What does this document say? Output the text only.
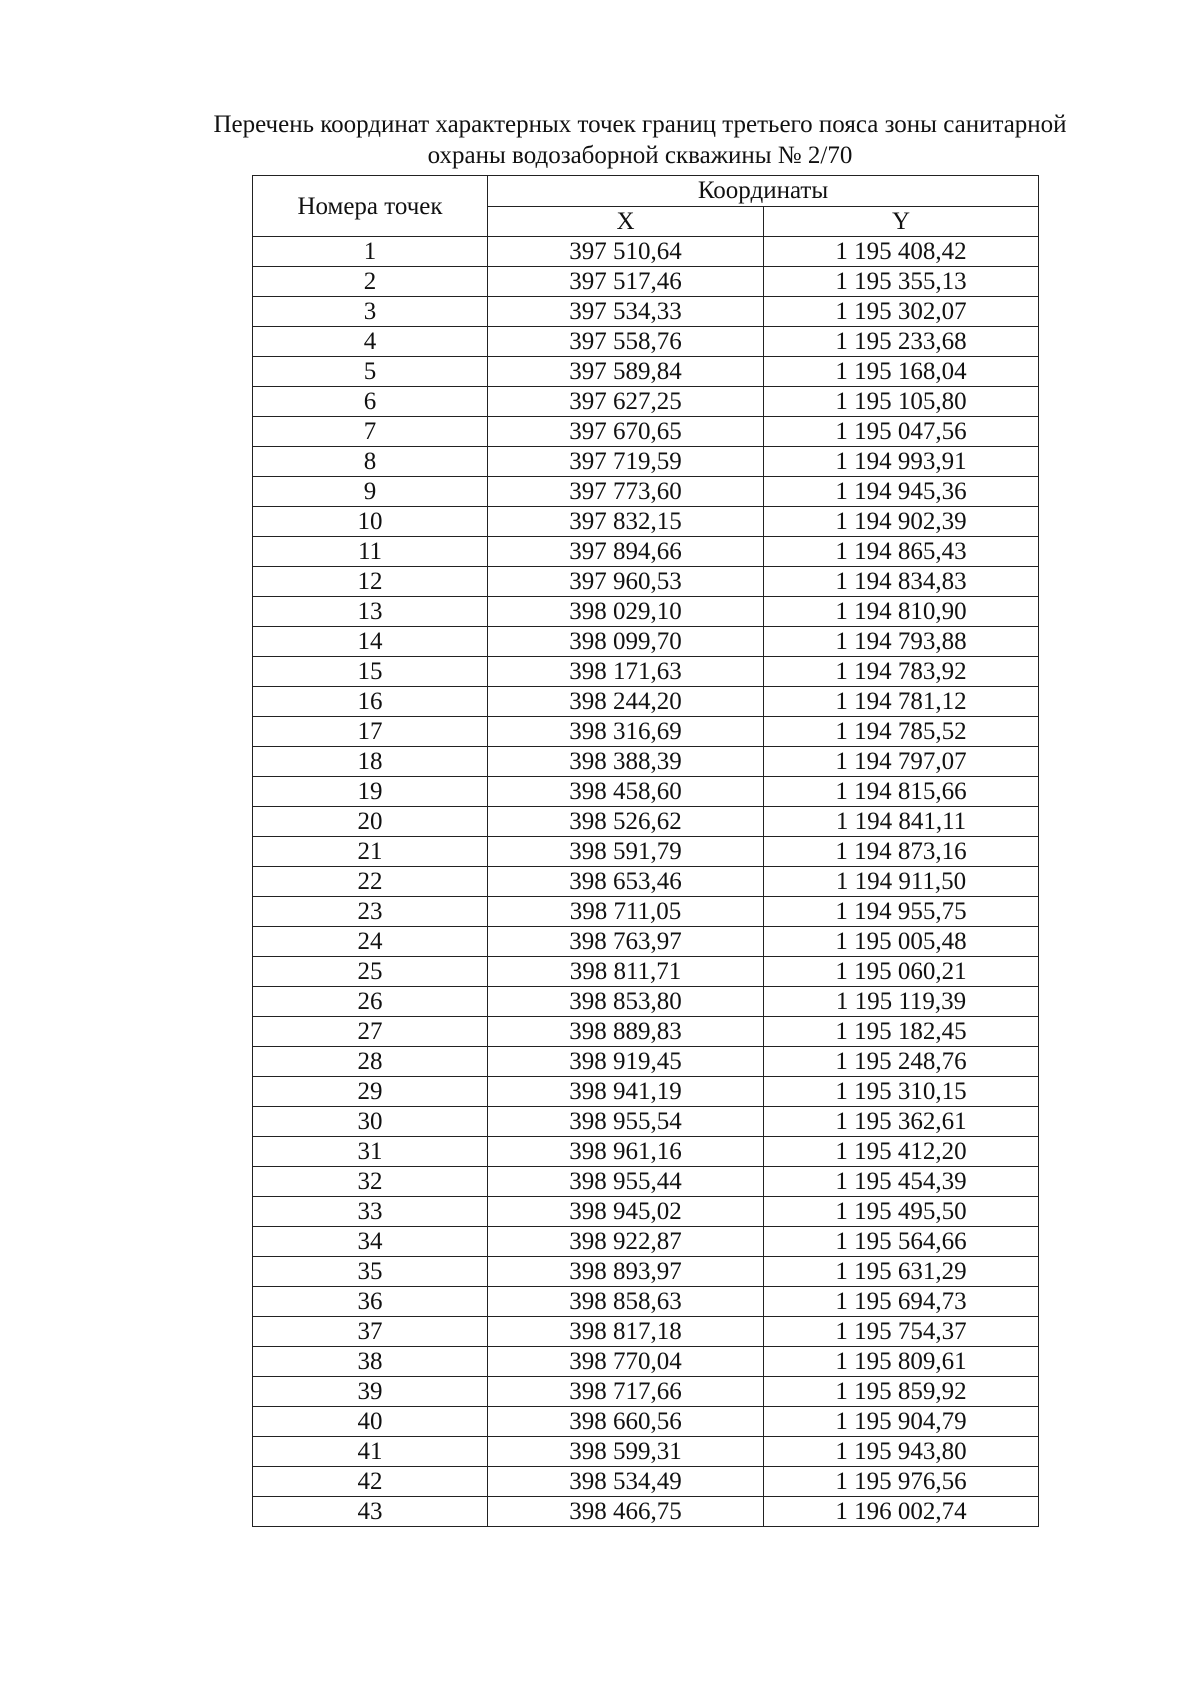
Перечень координат характерных точек границ третьего пояса зоны санитарной
охраны водозаборной скважины № 2/70
Номера точек	Координаты	
	X	Y
1	397 510,64	1 195 408,42
2	397 517,46	1 195 355,13
3	397 534,33	1 195 302,07
4	397 558,76	1 195 233,68
5	397 589,84	1 195 168,04
6	397 627,25	1 195 105,80
7	397 670,65	1 195 047,56
8	397 719,59	1 194 993,91
9	397 773,60	1 194 945,36
10	397 832,15	1 194 902,39
11	397 894,66	1 194 865,43
12	397 960,53	1 194 834,83
13	398 029,10	1 194 810,90
14	398 099,70	1 194 793,88
15	398 171,63	1 194 783,92
16	398 244,20	1 194 781,12
17	398 316,69	1 194 785,52
18	398 388,39	1 194 797,07
19	398 458,60	1 194 815,66
20	398 526,62	1 194 841,11
21	398 591,79	1 194 873,16
22	398 653,46	1 194 911,50
23	398 711,05	1 194 955,75
24	398 763,97	1 195 005,48
25	398 811,71	1 195 060,21
26	398 853,80	1 195 119,39
27	398 889,83	1 195 182,45
28	398 919,45	1 195 248,76
29	398 941,19	1 195 310,15
30	398 955,54	1 195 362,61
31	398 961,16	1 195 412,20
32	398 955,44	1 195 454,39
33	398 945,02	1 195 495,50
34	398 922,87	1 195 564,66
35	398 893,97	1 195 631,29
36	398 858,63	1 195 694,73
37	398 817,18	1 195 754,37
38	398 770,04	1 195 809,61
39	398 717,66	1 195 859,92
40	398 660,56	1 195 904,79
41	398 599,31	1 195 943,80
42	398 534,49	1 195 976,56
43	398 466,75	1 196 002,74
